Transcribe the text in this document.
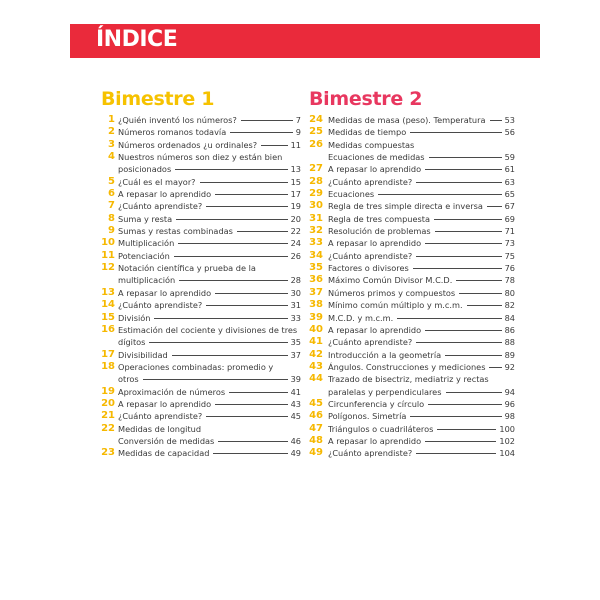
ÍNDICE
Bimestre 1
1 ¿Quién inventó los números?	7
2 Números romanos todavía	9
3 Números ordenados ¿u ordinales?	11
4 Nuestros números son diez y están bien
posicionados	13
5 ¿Cuál es el mayor?	15
6 A repasar lo aprendido	17
7 ¿Cuánto aprendiste?	19
8 Suma y resta	20
9 Sumas y restas combinadas	22
10 Multiplicación	24
11 Potenciación	26
12 Notación científica y prueba de la
multiplicación	28
13 A repasar lo aprendido	30
14 ¿Cuánto aprendiste?	31
15 División	33
16 Estimación del cociente y divisiones de tres
dígitos	35
17 Divisibilidad	37
18 Operaciones combinadas: promedio y
otros	39
19 Aproximación de números	41
20 A repasar lo aprendido	43
21 ¿Cuánto aprendiste?	45
22 Medidas de longitud
Conversión de medidas	46
23 Medidas de capacidad	49
Bimestre 2
24 Medidas de masa (peso). Temperatura 53
25 Medidas de tiempo	56
26 Medidas compuestas
Ecuaciones de medidas	59
27 A repasar lo aprendido	61
28 ¿Cuánto aprendiste?	63
29 Ecuaciones	65
30 Regla de tres simple directa e inversa	67
31 Regla de tres compuesta	69
32 Resolución de problemas	71
33 A repasar lo aprendido	73
34 ¿Cuánto aprendiste?	75
35 Factores o divisores	76
36 Máximo Común Divisor M.C.D.	78
37 Números primos y compuestos	80
38 Mínimo común múltiplo y m.c.m.	82
39 M.C.D. y m.c.m.	84
40 A repasar lo aprendido	86
41 ¿Cuánto aprendiste?	88
42 Introducción a la geometría	89
43 Ángulos. Construcciones y mediciones 92
44 Trazado de bisectriz, mediatriz y rectas
paralelas y perpendiculares	94
45 Circunferencia y círculo	96
46 Polígonos. Simetría	98
47 Triángulos o cuadriláteros	100
48 A repasar lo aprendido	102
49 ¿Cuánto aprendiste?	104
